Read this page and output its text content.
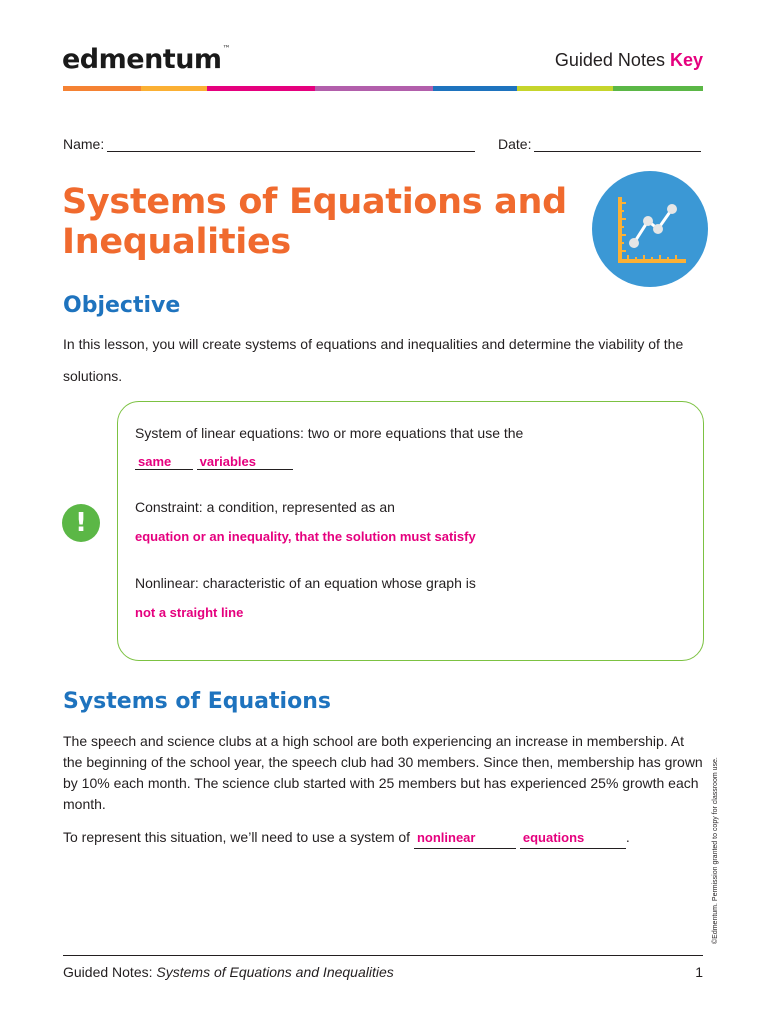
edmentum™
Guided Notes Key
Name:	Date:
Systems of Equations and Inequalities
Objective
In this lesson, you will create systems of equations and inequalities and determine the viability of the solutions.
!
System of linear equations: two or more equations that use the
same variables
Constraint: a condition, represented as an
equation or an inequality, that the solution must satisfy
Nonlinear: characteristic of an equation whose graph is
not a straight line
Systems of Equations
The speech and science clubs at a high school are both experiencing an increase in membership. At the beginning of the school year, the speech club had 30 members. Since then, membership has grown by 10% each month. The science club started with 25 members but has experienced 25% growth each month.
To represent this situation, we’ll need to use a system of nonlinear	equations	.	©Edmentum. Permission granted to copy for classroom use.
Guided Notes: Systems of Equations and Inequalities	1
